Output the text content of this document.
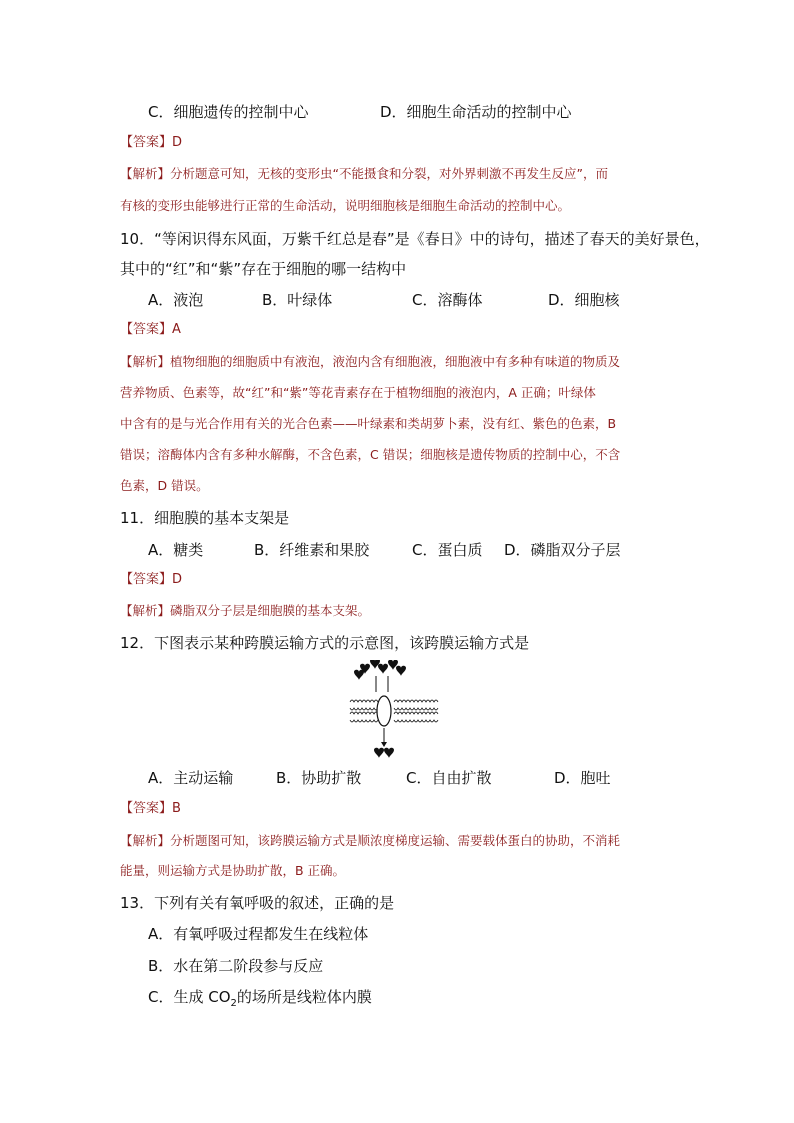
C．细胞遗传的控制中心	D．细胞生命活动的控制中心
【答案】D
【解析】分析题意可知，无核的变形虫“不能摄食和分裂，对外界刺激不再发生反应”，而
有核的变形虫能够进行正常的生命活动，说明细胞核是细胞生命活动的控制中心。
10．“等闲识得东风面，万紫千红总是春”是《春日》中的诗句，描述了春天的美好景色，
其中的“红”和“紫”存在于细胞的哪一结构中
A．液泡	B．叶绿体	C．溶酶体	D．细胞核
【答案】A
【解析】植物细胞的细胞质中有液泡，液泡内含有细胞液，细胞液中有多种有味道的物质及
营养物质、色素等，故“红”和“紫”等花青素存在于植物细胞的液泡内，A 正确；叶绿体
中含有的是与光合作用有关的光合色素——叶绿素和类胡萝卜素，没有红、紫色的色素，B
错误；溶酶体内含有多种水解酶，不含色素，C 错误；细胞核是遗传物质的控制中心，不含
色素，D 错误。
11．细胞膜的基本支架是
A．糖类	B．纤维素和果胶	C．蛋白质 D．磷脂双分子层
【答案】D
【解析】磷脂双分子层是细胞膜的基本支架。
12．下图表示某种跨膜运输方式的示意图，该跨膜运输方式是
A．主动运输	B．协助扩散	C．自由扩散	D．胞吐
【答案】B
【解析】分析题图可知，该跨膜运输方式是顺浓度梯度运输、需要载体蛋白的协助，不消耗
能量，则运输方式是协助扩散，B 正确。
13．下列有关有氧呼吸的叙述，正确的是
A．有氧呼吸过程都发生在线粒体
B．水在第二阶段参与反应
C．生成 $CO_2$的场所是线粒体内膜
